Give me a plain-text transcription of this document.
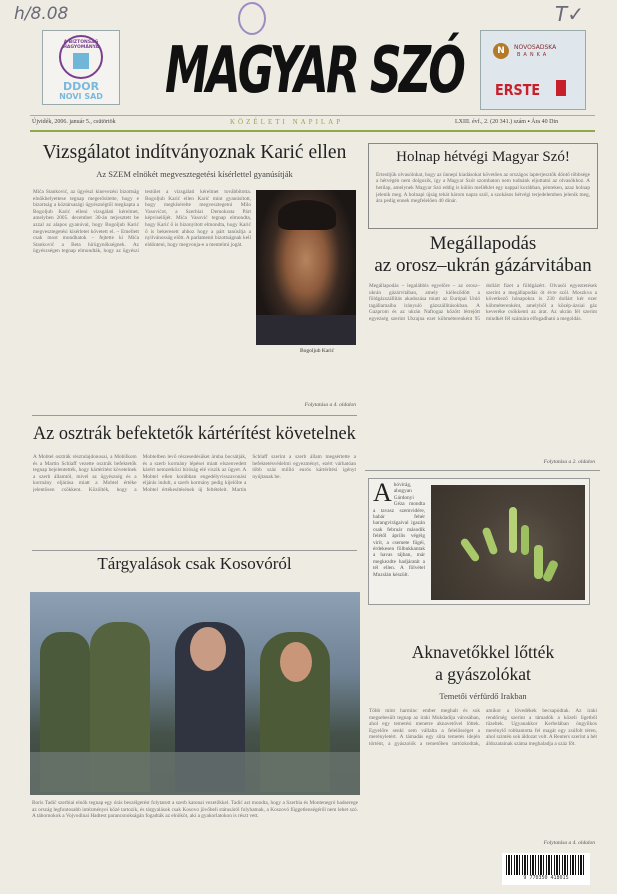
h/8.08	T✓
A BIZTONSÁG HAGYOMÁNYA
DDOR
NOVI SAD MAGYAR SZÓ	N	NOVOSADSKA
BANKA
ERSTE
Újvidék, 2006. január 5., csütörtök	KÖZÉLETI NAPILAP	LXIII. évf., 2. (20 341.) szám ▪ Ára 40 Din
Vizsgálatot indítványoznak Karić ellen
Az SZEM elnökét megvesztegetési kísérlettel gyanúsítják
Mića Stanković, az ügyészi kinevezési bizottság elnökhelyettese tegnap megerősítette, hogy e bizottság a köztársasági ügyészségtől megkapta a Bogoljub Karić elleni vizsgálati kérelmet, amelyben 2005. december 30-án terjesztett be azzal az alapos gyanúval, hogy Bogoljub Karić megvesztegetési kísérletet követett el. – Emellett csak most mondhatok – fejtette ki Mića Stanković a Beta hírügynökségnek. Az ügyészségen tegnap elmondták, hogy az ügyészi testület a vizsgálati kérelmet továbbította. Bogoljub Karić ellen Karić mint gyanúsított, hogy megkísérelte megvesztegetni Milo Vasovićot, a Szerbiai Demokrata Párt képviselőjét. Mića Vasović tegnap elmondta, hogy Karić ő is bizonyított elmondta, hogy Karić ő is bekeresett ahhoz hogy a párt tanúsítja a nyilvánosság előtt. A parlamenti bizottságnak kell eldönteni, hogy megvonja-e a mentelmi jogát.
Bogoljub Karić
Folytatása a 4. oldalon
Holnap hétvégi Magyar Szó!
Értesítjük olvasóinkat, hogy az ünnepi kiadásokat követően az országos lapterjesztők döntő többsége a hétvégén nem dolgozik, így a Magyar Szót szombaton nem tudnánk eljuttatni az olvasókhoz. A hetilap, amelynek Magyar Szó eddig is külön melléklet egy nappal korábban, pénteken, azaz holnap jelenik meg. A holnapi újság tehát három napra szól, a szokásos hétvégi terjedelemben jelenik meg, ára pedig ennek megfelelően 40 dinár.
Megállapodás
az orosz–ukrán gázárvitában
Megállapodás – legalábbis egyelőre – az orosz–ukrán gázárvitában, amely kiéleződött a földgázszállítás akadozása miatt az Európai Unió tagállamaiba irányuló gázszállításokban. A Gazprom és az ukrán Naftogaz között létrejött egyezség szerint Ukrajna ezer köbméterenként 95 dollárt fizet a földgázért. Olvasói egyeztetések szerint a megállapodás öt évre szól. Moszkva a következő hónapokra is 230 dollárt kér ezer köbméterenként, amelyből a közép-ázsiai gáz keveréke csökkenti az árat. Az ukrán fél szerint mindkét fél számára elfogadható a megoldás.
Folytatása a 2. oldalon
Az osztrák befektetők kártérítést követelnek
A Mobtel osztrák résztulajdonosai, a Mobilkom és a Martin Schlaff vezette osztrák befektetők tegnap bejelentették, hogy kártérítést követelnek a szerb államtól, mivel az ügyészség és a kormány eljárása miatt a Mobtel értéke jelentősen csökkent. Közölték, hogy a Mobtelben levő részesedésüket áruba bocsátják, és a szerb kormány lépései miatt elszenvedett kárért nemzetközi bíróság elé viszik az ügyet. A Mobtel ellen korábban engedélyvisszavonási eljárás indult, a szerb kormány pedig kijelölte a Mobtel értékesítésének új feltételeit. Martin Schlaff szerint a szerb állam megsértette a befektetésvédelmi egyezményt, ezért várhatóan több száz millió eurós kártérítési igényt nyújtanak be.
A hóvirág, ahogyan Gárdonyi Géza mondta a tavasz szemvidére, habár fehér harangvirágaival igazán csak február második felétől április végéig virít, a csemete fügéi, érdekesen fölbukkantak a havas tájban, már megkezdte hadjáratát a tél ellen. A fölvétel Muzslán készült.
Tárgyalások csak Kosovóról
Boris Tadić szerbiai elnök tegnap egy órás beszélgetést folytatott a szerb katonai vezetőkkel. Tadić azt mondta, hogy a Szerbia és Montenegró hadserege az ország legfontosabb intézményei közé tartozik, és tárgyalások csak Kosovo jövőbeli státusáról folyhatnak, a Koszovó függetlenségéről nem lehet szó. A tábornokok a Vojvodinai Hadtest parancsnokságán fogadták az elnököt, aki a gyakorlatokon is részt vett.
Aknavetőkkel lőtték
a gyászolókat
Temetői vérfürdő Irakban
Több mint harminc ember meghalt és sok megsebesült tegnap az iraki Mukdadija városában, ahol egy temetési menetre aknavetővel lőttek. Egyelőre senki sem vállalta a felelősséget a merényletért. A támadás egy síita temetés idején történt, a gyászolók a temetőben tartózkodtak, amikor a lövedékek becsapódtak. Az iraki rendőrség szerint a támadók a közeli ligetből tüzeltek. Ugyanakkor Kerbelában öngyilkos merénylő robbantotta fel magát egy zsúfolt téren, ahol szintén sok áldozat volt. A Reuters szerint a hét áldozatainak száma meghaladja a száz főt.
Folytatása a 4. oldalon
9 770350 418015
